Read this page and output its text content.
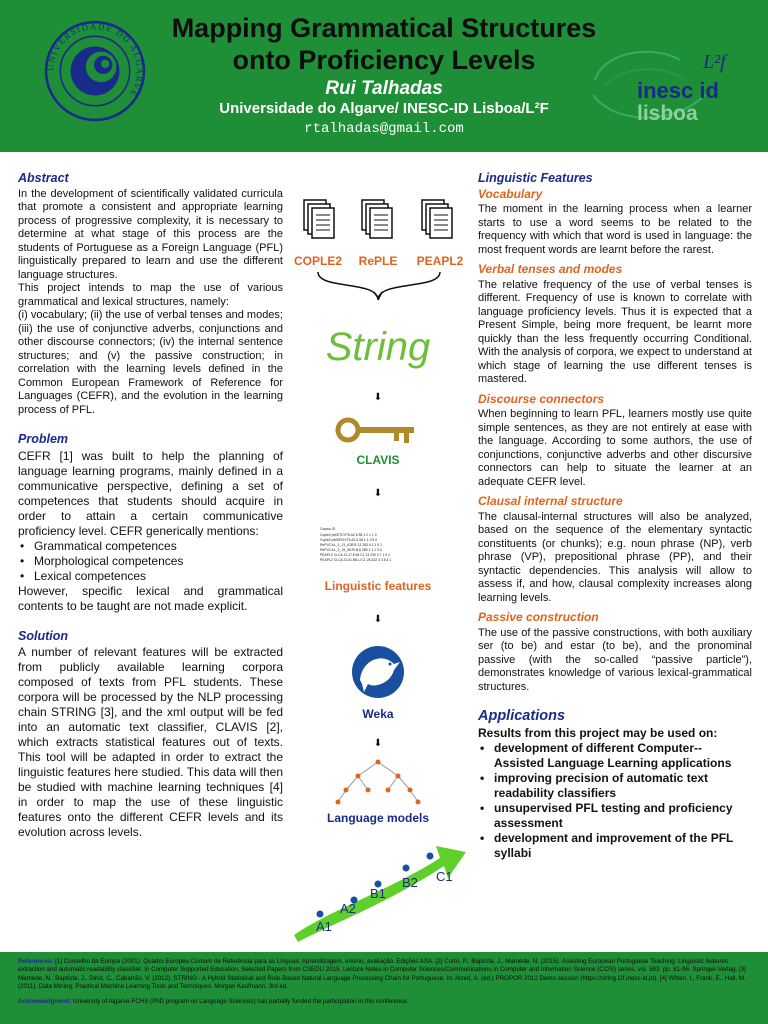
UNIVERSIDADE DO ALGARVE
Mapping Grammatical Structures
onto Proficiency Levels
Rui Talhadas
Universidade do Algarve/ INESC-ID Lisboa/L²F
rtalhadas@gmail.com
L²f
inesc id
lisboa
Abstract

In the development of scientifically validated curricula that promote a consistent and appropriate learning process of progressive complexity, it is necessary to determine at what stage of this process are the students of Portuguese as a Foreign Language (PFL) linguistically prepared to learn and use the different language structures.

This project intends to map the use of various grammatical and lexical structures, namely:

(i) vocabulary; (ii) the use of verbal tenses and modes; (iii) the use of conjunctive adverbs, conjunctions and other discourse connectors; (iv) the internal sentence structures; and (v) the passive construction; in correlation with the learning levels defined in the Common European Framework of Reference for Languages (CEFR), and the evolution in the learning process of PFL.

Problem

CEFR [1] was built to help the planning of language learning programs, mainly defined in a communicative perspective, defining a set of competences that students should acquire in order to attain a certain communicative proficiency level. CEFR generically mentions:

• Grammatical competences
• Morphological competences
• Lexical competences

However, specific lexical and grammatical contents to be taught are not made explicit.

Solution

A number of relevant features will be extracted from publicly available learning corpora composed of texts from PFL students. These corpora will be processed by the NLP processing chain STRING [3], and the xml output will be fed into an automatic text classifier, CLAVIS [2], which extracts statistical features out of texts. This tool will be adapted in order to extract the linguistic features here studied. This data will then be studied with machine learning techniques [4] in order to map the use of these linguistic features onto the different CEFR levels and its evolution across levels.

COPLE2 RePLE PEAPL2
String
⬇
CLAVIS
⬇
Corpus ID
Cople2 pe00TCVT5 A2 6 56 1 2 1 1 3
Cople2 pe00ROVT5 A2 6 56 1 1 0 5 0
RePLE AL_3_13_A1B B 13 283 4 1 1 5 1
RePLE AL_2_15_35.Ri B 6 289 1 1 1 3 0
PEAPL2 CLCA.CL17.8.Mi C1 13 239 0 7 1 5 2
PEAPL2 CLCA.CL01.5B.Li C1 28 322 3 3 8 4 1
Linguistic features
⬇
Weka
⬇
Language models
A1
A2
B1
B2 C1
Linguistic Features
Vocabulary

The moment in the learning process when a learner starts to use a word seems to be related to the frequency with which that word is used in language: the most frequent words are learnt before the rarest.

Verbal tenses and modes

The relative frequency of the use of verbal tenses is different. Frequency of use is known to correlate with language proficiency levels. Thus it is expected that a Present Simple, being more frequent, be learnt more quickly than the less frequently occurring Conditional. With the analysis of corpora, we expect to understand at which stage of learning the use different tenses is mastered.

Discourse connectors

When beginning to learn PFL, learners mostly use quite simple sentences, as they are not entirely at ease with the language. According to some authors, the use of conjunctions, conjunctive adverbs and other discursive connectors can help to situate the learner at an adequate CEFR level.

Clausal internal structure

The clausal-internal structures will also be analyzed, based on the sequence of the elementary syntactic constituents (or chunks); e.g. noun phrase (NP), verb phrase (VP), prepositional phrase (PP), and their syntactic dependencies. This analysis will allow to assess if, and how, clausal complexity increases along learning levels.

Passive construction

The use of the passive constructions, with both auxiliary ser (to be) and estar (to be), and the pronominal passive (with the so-called “passive particle”), demonstrates knowledge of various lexical-grammatical structures.

Applications

Results from this project may be used on:

• development of different Computer--Assisted Language Learning applications
• improving precision of automatic text readability classifiers
• unsupervised PFL testing and proficiency assessment
• development and improvement of the PFL syllabi
References: [1] Conselho da Europa (2001). Quadro Europeu Comum de Referência para as Línguas: Aprendizagem, ensino, avaliação. Edições ASA. [2] Curto, P., Baptista, J., Mamede, N. (2015). Assisting European Portuguese Teaching: Linguistic features extraction and automatic readability classifier. In Computer Supported Education, Selected Papers from CSEDU 2015, Lecture Notes in Computer Sciences/Communications in Computer and Information Science (CCIS) series, vol. 583: pp. 81-96. Springer-Verlag. [3] Mamede, N., Baptista, J., Diniz, C., Cabarrão, V. (2012). STRING - A Hybrid Statistical and Rule-Based Natural Language Processing Chain for Portuguese. In: Alzed, A. (ed.) PROPOR 2012 Demo session (https://string.l2f.inesc-id.pt). [4] Witten, I., Frank, E., Hall, M. (2011). Data Mining: Practical Machine Learning Tools and Techniques. Morgan Kaufmann, 3rd ed.
Acknowledgment: University of Algarve-FCHS (PhD program on Language Sciences) has partially funded the participation in this conference.
